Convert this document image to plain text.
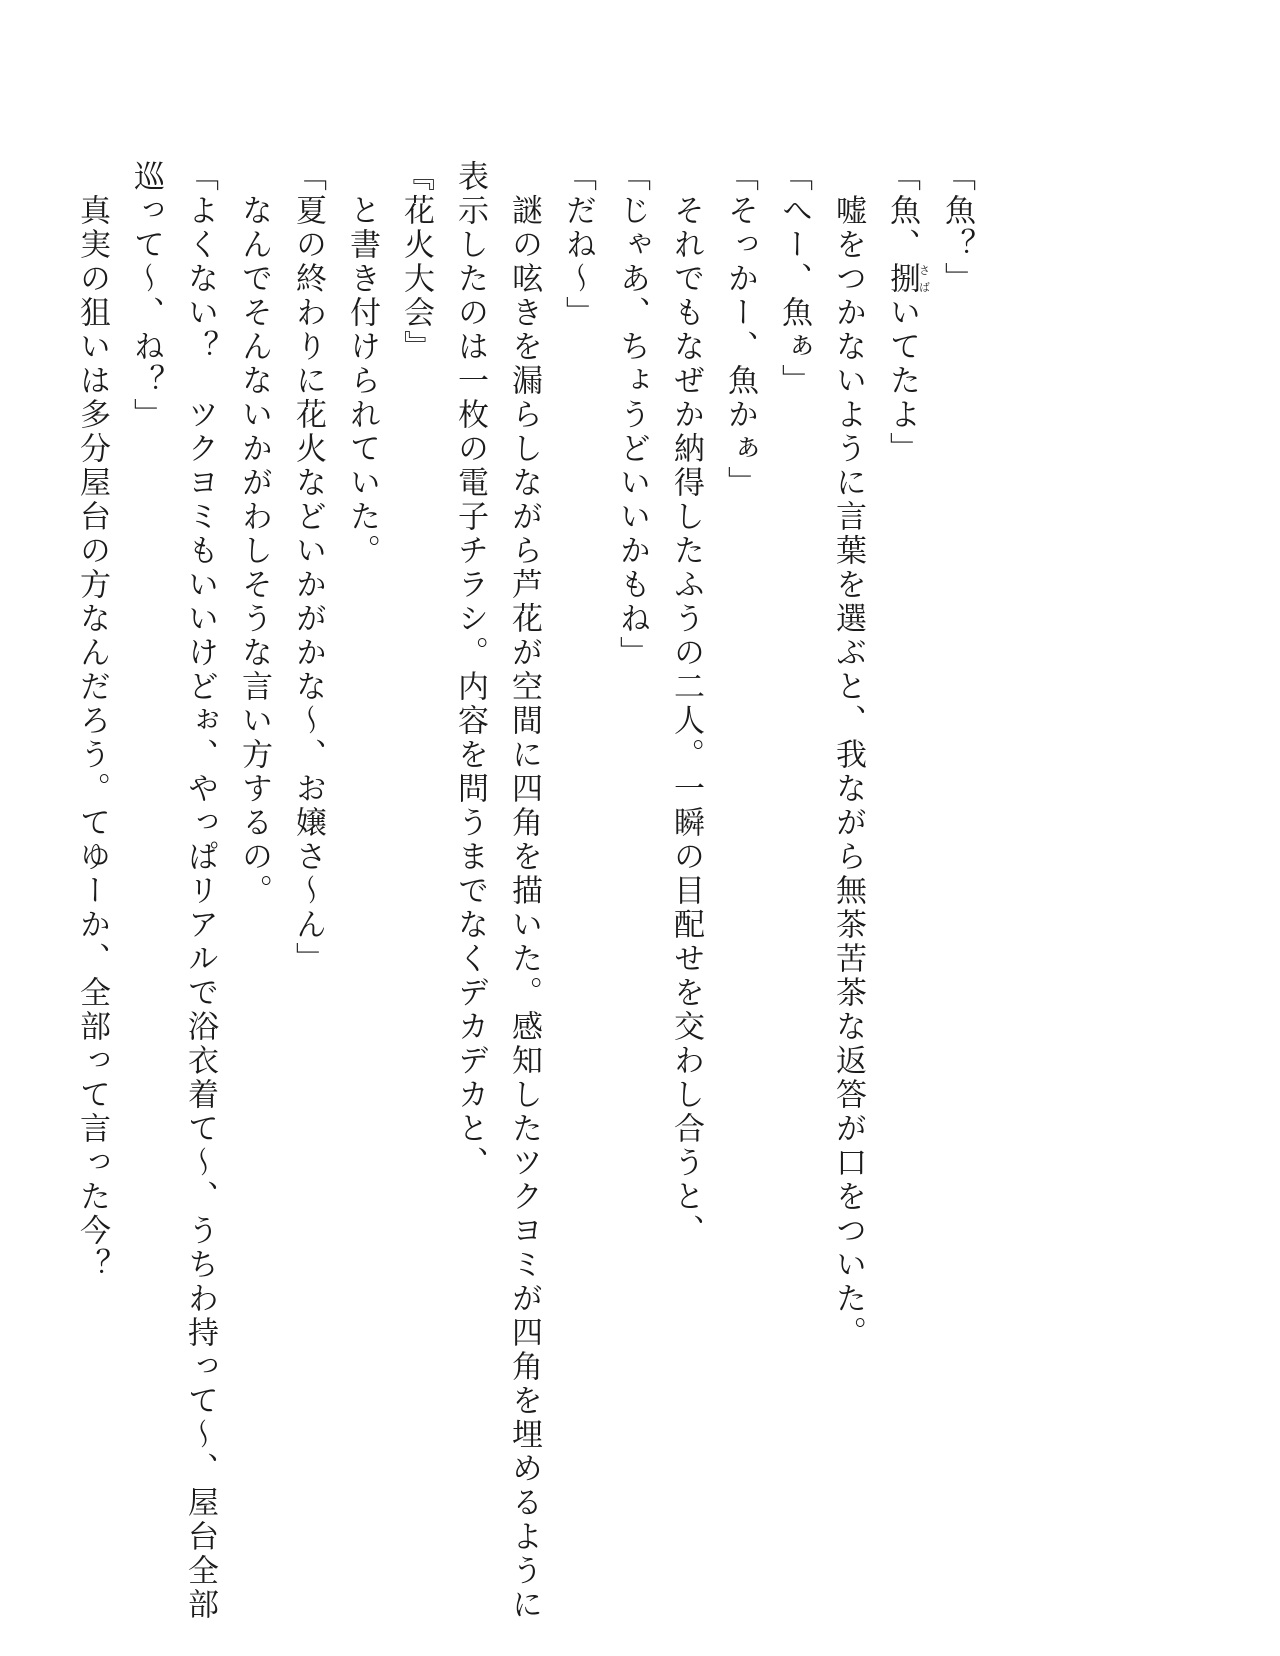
「魚？」
「魚、捌さばいてたよ」
嘘をつかないように言葉を選ぶと、我ながら無茶苦茶な返答が口をついた。
「へー、魚ぁ」
「そっかー、魚かぁ」
それでもなぜか納得したふうの二人。一瞬の目配せを交わし合うと、
「じゃあ、ちょうどいいかもね」
「だね～」
謎の呟きを漏らしながら芦花が空間に四角を描いた。感知したツクヨミが四角を埋めるように
表示したのは一枚の電子チラシ。内容を問うまでなくデカデカと、
『花火大会』
と書き付けられていた。
「夏の終わりに花火などいかがかな～、お嬢さ～ん」
なんでそんないかがわしそうな言い方するの。
「よくない？　ツクヨミもいいけどぉ、やっぱリアルで浴衣着て～、うちわ持って～、屋台全部
巡って～、ね？」
真実の狙いは多分屋台の方なんだろう。てゆーか、全部って言った今？
